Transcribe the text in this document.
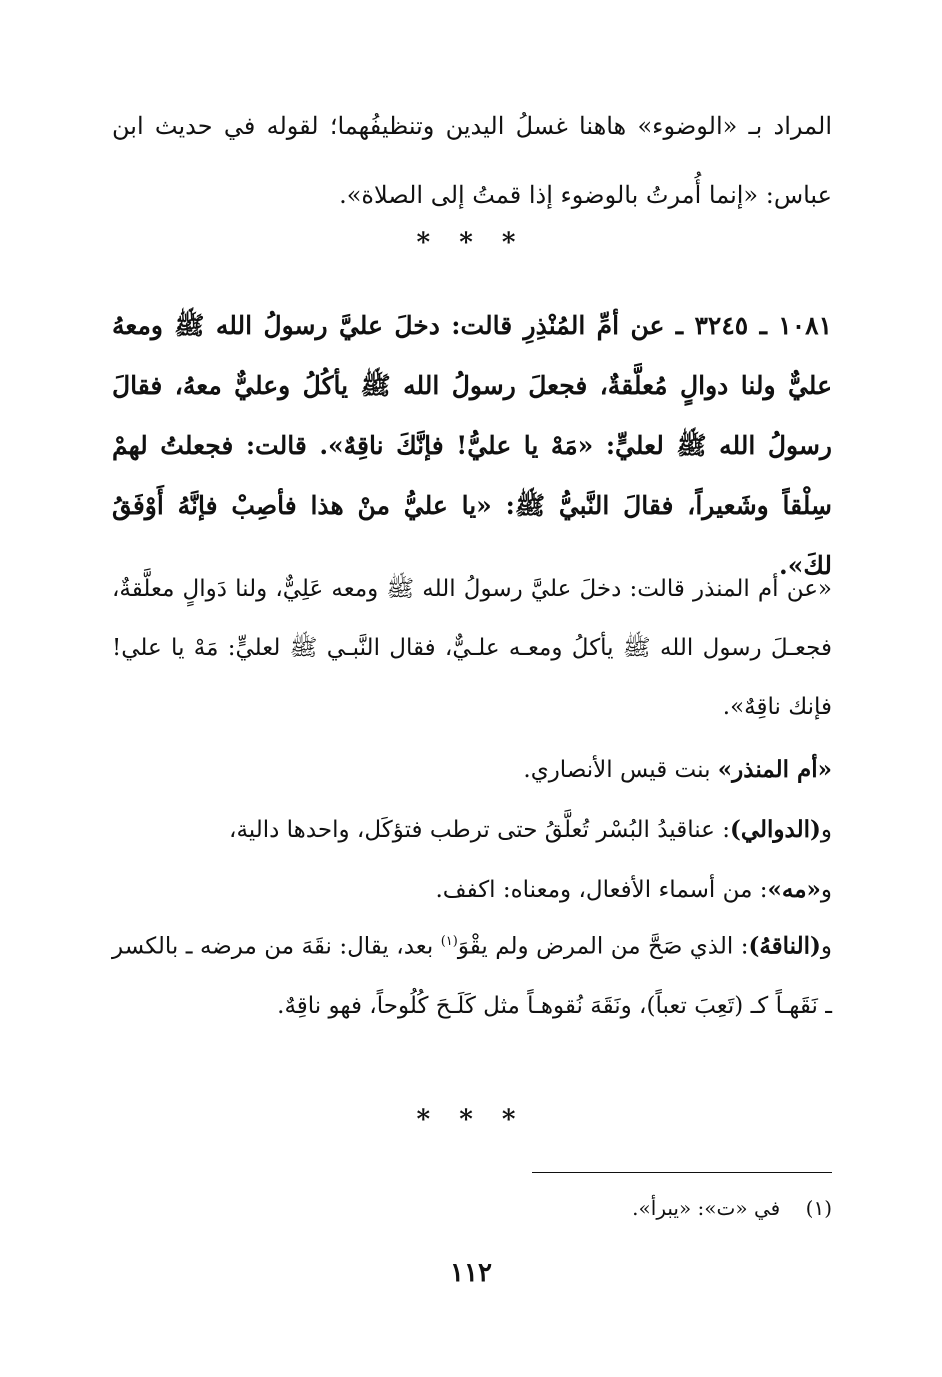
المراد بـ «الوضوء» هاهنا غسلُ اليدين وتنظيفُهما؛ لقوله في حديث ابن عباس: «إنما أُمرتُ بالوضوء إذا قمتُ إلى الصلاة».

* * *

١٠٨١ ـ ٣٢٤٥ ـ عن أمِّ المُنْذِرِ قالت: دخلَ عليَّ رسولُ الله ﷺ ومعهُ عليٌّ ولنا دوالٍ مُعلَّقةٌ، فجعلَ رسولُ الله ﷺ يأكُلُ وعليٌّ معهُ، فقالَ رسولُ الله ﷺ لعليٍّ: «مَهْ يا عليُّ! فإنَّكَ ناقِهٌ». قالت: فجعلتُ لهمْ سِلْقاً وشَعيراً، فقالَ النَّبيُّ ﷺ: «يا عليُّ منْ هذا فأصِبْ فإنَّهُ أَوْفَقُ لكَ».

«عن أم المنذر قالت: دخلَ عليَّ رسولُ الله ﷺ ومعه عَلِيٌّ، ولنا دَوالٍ معلَّقةٌ، فجعـلَ رسول الله ﷺ يأكلُ ومعـه علـيٌّ، فقال النَّبـي ﷺ لعليٍّ: مَهْ يا علي! فإنك ناقِهٌ».

«أم المنذر» بنت قيس الأنصاري.

و(الدوالي): عناقيدُ البُسْر تُعلَّقُ حتى ترطب فتؤكَل، واحدها دالية،

و«مه»: من أسماء الأفعال، ومعناه: اكفف.

و(الناقهُ): الذي صَحَّ من المرض ولم يقْوَ$^{(١)}$ بعد، يقال: نقَهَ من مرضه ـ بالكسر ـ نَقَهـاً كـ (تَعِبَ تعباً)، ونَقَهَ نُقوهـاً مثل كَلَـحَ كُلُوحاً، فهو ناقِهٌ.

* * *
(١)    في «ت»: «يبرأ».
١١٢
